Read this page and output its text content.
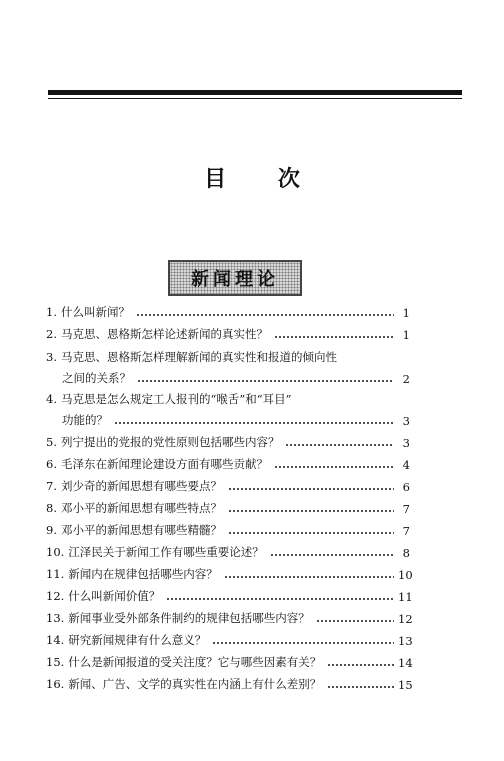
目 次
新闻理论
1. 什么叫新闻？	1
2. 马克思、恩格斯怎样论述新闻的真实性？	1
3. 马克思、恩格斯怎样理解新闻的真实性和报道的倾向性
之间的关系？	2
4. 马克思是怎么规定工人报刊的“喉舌”和“耳目”
功能的？	3
5. 列宁提出的党报的党性原则包括哪些内容？	3
6. 毛泽东在新闻理论建设方面有哪些贡献？	4
7. 刘少奇的新闻思想有哪些要点？	6
8. 邓小平的新闻思想有哪些特点？	7
9. 邓小平的新闻思想有哪些精髓？	7
10. 江泽民关于新闻工作有哪些重要论述？	8
11. 新闻内在规律包括哪些内容？	10
12. 什么叫新闻价值？	11
13. 新闻事业受外部条件制约的规律包括哪些内容？	12
14. 研究新闻规律有什么意义？	13
15. 什么是新闻报道的受关注度？它与哪些因素有关？	14
16. 新闻、广告、文学的真实性在内涵上有什么差别？	15
